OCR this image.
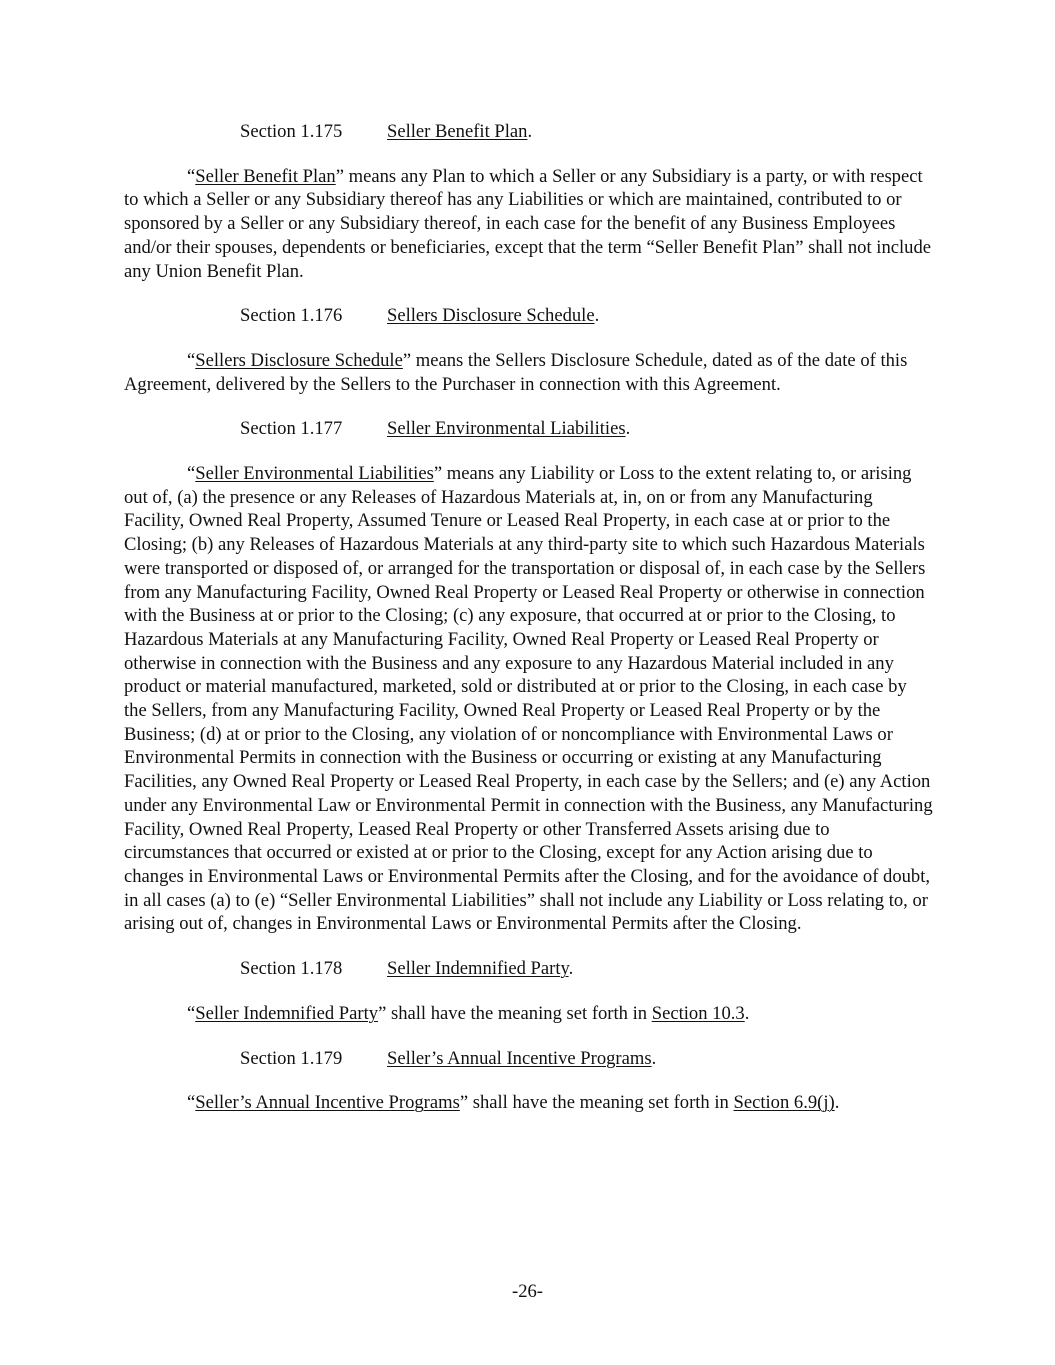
Section 1.175 Seller Benefit Plan.

“Seller Benefit Plan” means any Plan to which a Seller or any Subsidiary is a party, or with respect to which a Seller or any Subsidiary thereof has any Liabilities or which are maintained, contributed to or sponsored by a Seller or any Subsidiary thereof, in each case for the benefit of any Business Employees and/or their spouses, dependents or beneficiaries, except that the term “Seller Benefit Plan” shall not include any Union Benefit Plan.

Section 1.176 Sellers Disclosure Schedule.

“Sellers Disclosure Schedule” means the Sellers Disclosure Schedule, dated as of the date of this Agreement, delivered by the Sellers to the Purchaser in connection with this Agreement.

Section 1.177 Seller Environmental Liabilities.

“Seller Environmental Liabilities” means any Liability or Loss to the extent relating to, or arising out of, (a) the presence or any Releases of Hazardous Materials at, in, on or from any Manufacturing Facility, Owned Real Property, Assumed Tenure or Leased Real Property, in each case at or prior to the Closing; (b) any Releases of Hazardous Materials at any third-party site to which such Hazardous Materials were transported or disposed of, or arranged for the transportation or disposal of, in each case by the Sellers from any Manufacturing Facility, Owned Real Property or Leased Real Property or otherwise in connection with the Business at or prior to the Closing; (c) any exposure, that occurred at or prior to the Closing, to Hazardous Materials at any Manufacturing Facility, Owned Real Property or Leased Real Property or otherwise in connection with the Business and any exposure to any Hazardous Material included in any product or material manufactured, marketed, sold or distributed at or prior to the Closing, in each case by the Sellers, from any Manufacturing Facility, Owned Real Property or Leased Real Property or by the Business; (d) at or prior to the Closing, any violation of or noncompliance with Environmental Laws or Environmental Permits in connection with the Business or occurring or existing at any Manufacturing Facilities, any Owned Real Property or Leased Real Property, in each case by the Sellers; and (e) any Action under any Environmental Law or Environmental Permit in connection with the Business, any Manufacturing Facility, Owned Real Property, Leased Real Property or other Transferred Assets arising due to circumstances that occurred or existed at or prior to the Closing, except for any Action arising due to changes in Environmental Laws or Environmental Permits after the Closing, and for the avoidance of doubt, in all cases (a) to (e) “Seller Environmental Liabilities” shall not include any Liability or Loss relating to, or arising out of, changes in Environmental Laws or Environmental Permits after the Closing.

Section 1.178 Seller Indemnified Party.

“Seller Indemnified Party” shall have the meaning set forth in Section 10.3.

Section 1.179 Seller’s Annual Incentive Programs.

“Seller’s Annual Incentive Programs” shall have the meaning set forth in Section 6.9(j).

-26-
